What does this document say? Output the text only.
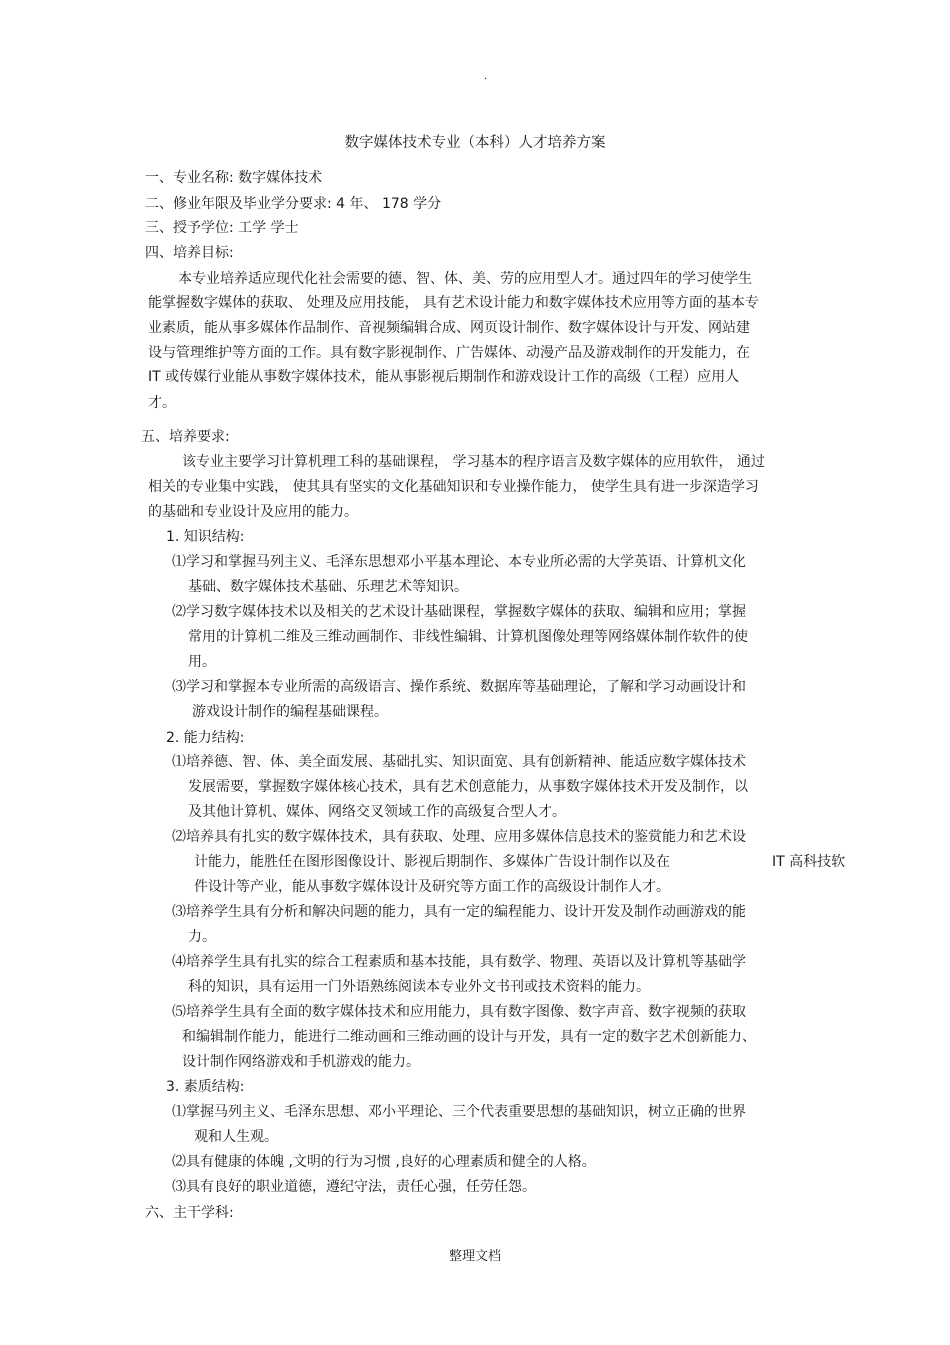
.
数字媒体技术专业（本科）人才培养方案
一、专业名称: 数字媒体技术
二、修业年限及毕业学分要求: 4 年、 178 学分
三、授予学位: 工学 学士
四、培养目标:
本专业培养适应现代化社会需要的德、智、体、美、劳的应用型人才。通过四年的学习使学生
能掌握数字媒体的获取、 处理及应用技能， 具有艺术设计能力和数字媒体技术应用等方面的基本专
业素质，能从事多媒体作品制作、音视频编辑合成、网页设计制作、数字媒体设计与开发、网站建
设与管理维护等方面的工作。具有数字影视制作、广告媒体、动漫产品及游戏制作的开发能力，在
IT 或传媒行业能从事数字媒体技术，能从事影视后期制作和游戏设计工作的高级（工程）应用人
才。
五、培养要求:
该专业主要学习计算机理工科的基础课程， 学习基本的程序语言及数字媒体的应用软件， 通过
相关的专业集中实践， 使其具有坚实的文化基础知识和专业操作能力， 使学生具有进一步深造学习
的基础和专业设计及应用的能力。
1. 知识结构:
⑴学习和掌握马列主义、毛泽东思想邓小平基本理论、本专业所必需的大学英语、计算机文化
基础、数字媒体技术基础、乐理艺术等知识。
⑵学习数字媒体技术以及相关的艺术设计基础课程，掌握数字媒体的获取、编辑和应用；掌握
常用的计算机二维及三维动画制作、非线性编辑、计算机图像处理等网络媒体制作软件的使
用。
⑶学习和掌握本专业所需的高级语言、操作系统、数据库等基础理论，了解和学习动画设计和
游戏设计制作的编程基础课程。
2. 能力结构:
⑴培养德、智、体、美全面发展、基础扎实、知识面宽、具有创新精神、能适应数字媒体技术
发展需要，掌握数字媒体核心技术，具有艺术创意能力，从事数字媒体技术开发及制作，以
及其他计算机、媒体、网络交叉领域工作的高级复合型人才。
⑵培养具有扎实的数字媒体技术，具有获取、处理、应用多媒体信息技术的鉴赏能力和艺术设
计能力，能胜任在图形图像设计、影视后期制作、多媒体广告设计制作以及在	IT 高科技软
件设计等产业，能从事数字媒体设计及研究等方面工作的高级设计制作人才。
⑶培养学生具有分析和解决问题的能力，具有一定的编程能力、设计开发及制作动画游戏的能
力。
⑷培养学生具有扎实的综合工程素质和基本技能，具有数学、物理、英语以及计算机等基础学
科的知识，具有运用一门外语熟练阅读本专业外文书刊或技术资料的能力。
⑸培养学生具有全面的数字媒体技术和应用能力，具有数字图像、数字声音、数字视频的获取
和编辑制作能力，能进行二维动画和三维动画的设计与开发，具有一定的数字艺术创新能力、
设计制作网络游戏和手机游戏的能力。
3. 素质结构:
⑴掌握马列主义、毛泽东思想、邓小平理论、三个代表重要思想的基础知识，树立正确的世界
观和人生观。
⑵具有健康的体魄 ,文明的行为习惯 ,良好的心理素质和健全的人格。
⑶具有良好的职业道德，遵纪守法，责任心强，任劳任怨。
六、主干学科:
整理文档
